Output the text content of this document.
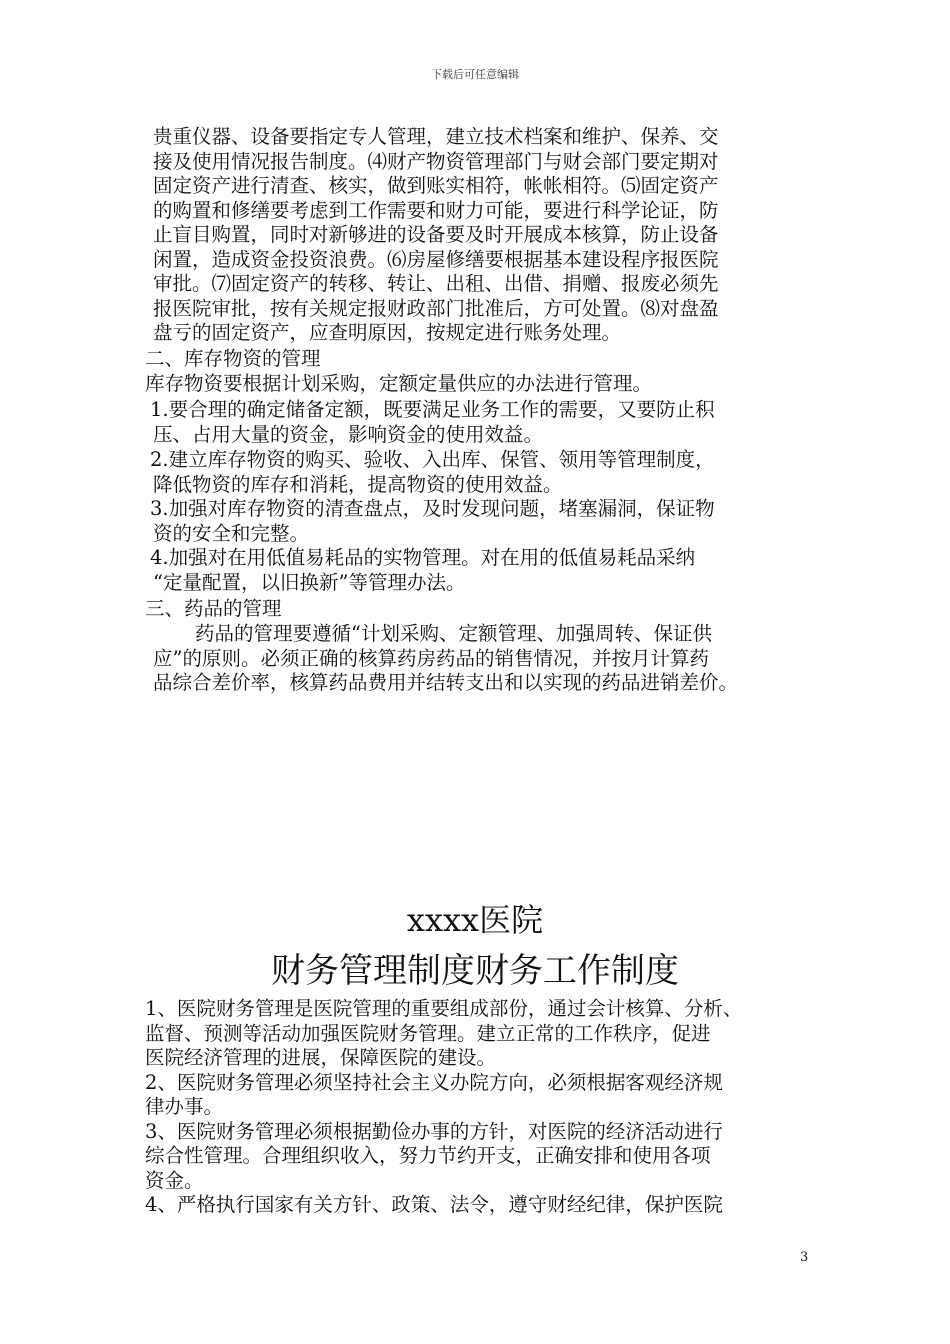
下载后可任意编辑
贵重仪器、设备要指定专人管理，建立技术档案和维护、保养、交
接及使用情况报告制度。⑷财产物资管理部门与财会部门要定期对
固定资产进行清查、核实，做到账实相符，帐帐相符。⑸固定资产
的购置和修缮要考虑到工作需要和财力可能，要进行科学论证，防
止盲目购置，同时对新够进的设备要及时开展成本核算，防止设备
闲置，造成资金投资浪费。⑹房屋修缮要根据基本建设程序报医院
审批。⑺固定资产的转移、转让、出租、出借、捐赠、报废必须先
报医院审批，按有关规定报财政部门批准后，方可处置。⑻对盘盈
盘亏的固定资产，应查明原因，按规定进行账务处理。
二、库存物资的管理
库存物资要根据计划采购，定额定量供应的办法进行管理。
1.要合理的确定储备定额，既要满足业务工作的需要，又要防止积
压、占用大量的资金，影响资金的使用效益。
2.建立库存物资的购买、验收、入出库、保管、领用等管理制度，
降低物资的库存和消耗，提高物资的使用效益。
3.加强对库存物资的清查盘点，及时发现问题，堵塞漏洞，保证物
资的安全和完整。
4.加强对在用低值易耗品的实物管理。对在用的低值易耗品采纳
“定量配置，以旧换新”等管理办法。
三、药品的管理
药品的管理要遵循“计划采购、定额管理、加强周转、保证供
应”的原则。必须正确的核算药房药品的销售情况，并按月计算药
品综合差价率，核算药品费用并结转支出和以实现的药品进销差价。
xxxx医院
财务管理制度财务工作制度
1、医院财务管理是医院管理的重要组成部份，通过会计核算、分析、
监督、预测等活动加强医院财务管理。建立正常的工作秩序，促进
医院经济管理的进展，保障医院的建设。
2、医院财务管理必须坚持社会主义办院方向，必须根据客观经济规
律办事。
3、医院财务管理必须根据勤俭办事的方针，对医院的经济活动进行
综合性管理。合理组织收入，努力节约开支，正确安排和使用各项
资金。
4、严格执行国家有关方针、政策、法令，遵守财经纪律，保护医院
3
